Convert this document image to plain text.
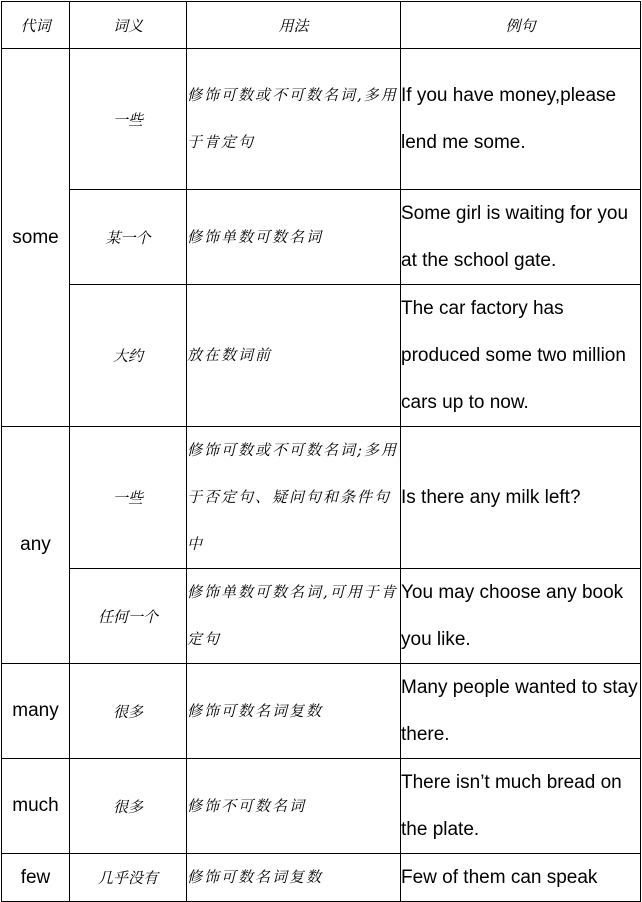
代词	词义	用法	例句
some	一些	修饰可数或不可数名词,多用于肯定句	If you have money,please lend me some.
	某一个	修饰单数可数名词	Some girl is waiting for you at the school gate.
	大约	放在数词前	The car factory has produced some two million cars up to now.
any	一些	修饰可数或不可数名词;多用于否定句、疑问句和条件句中	Is there any milk left?
	任何一个	修饰单数可数名词,可用于肯定句	You may choose any book you like.
many	很多	修饰可数名词复数	Many people wanted to stay there.
much	很多	修饰不可数名词	There isn’t much bread on the plate.
few	几乎没有	修饰可数名词复数	Few of them can speak
